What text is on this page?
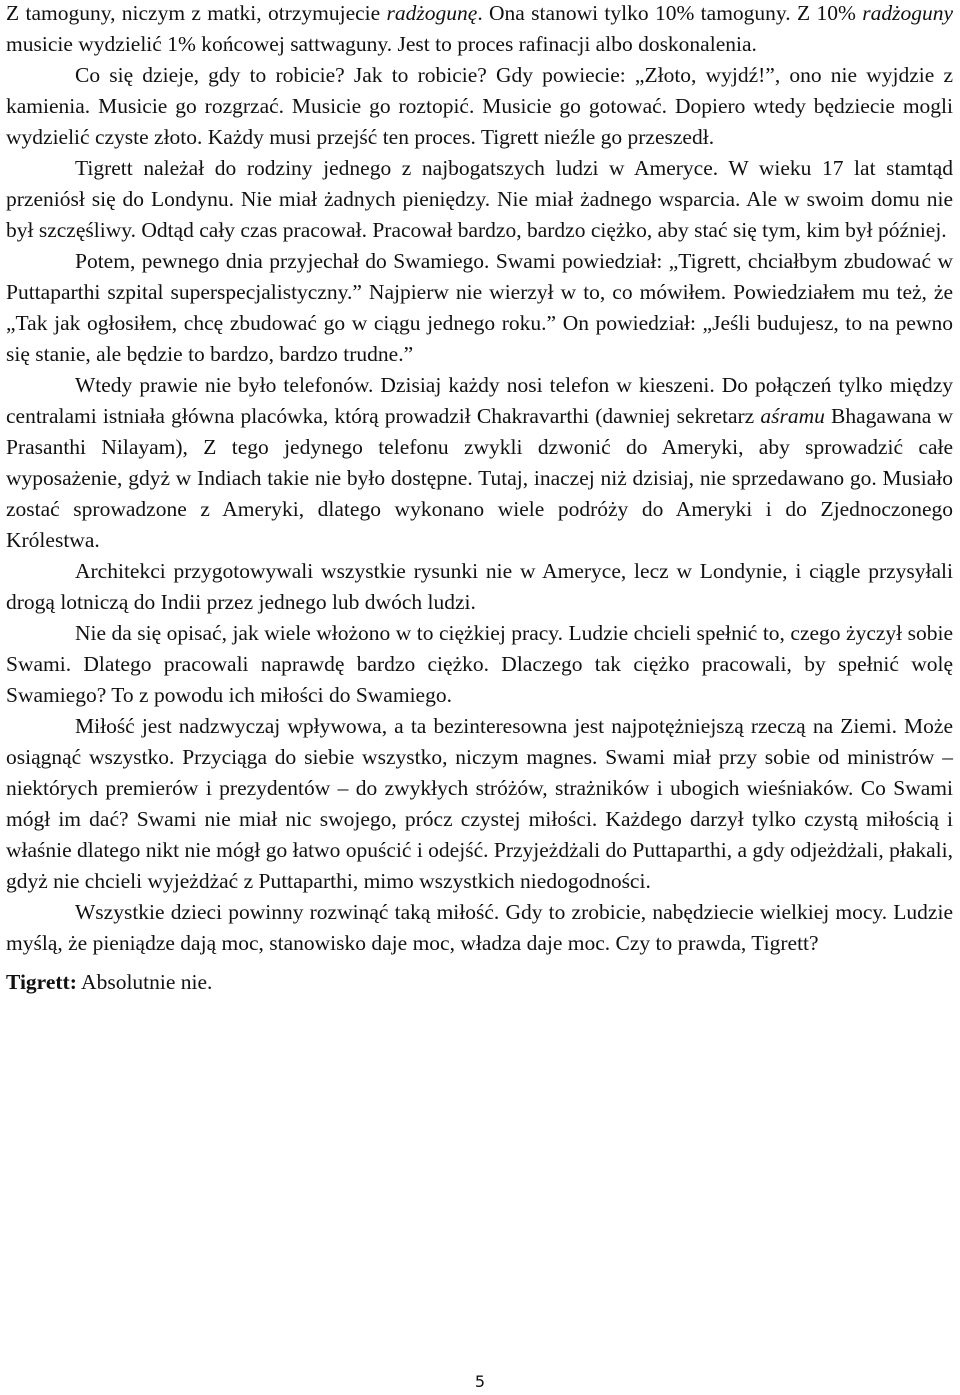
Z tamoguny, niczym z matki, otrzymujecie radżogunę. Ona stanowi tylko 10% tamoguny. Z 10% radżoguny musicie wydzielić 1% końcowej sattwaguny. Jest to proces rafinacji albo doskonalenia.

Co się dzieje, gdy to robicie? Jak to robicie? Gdy powiecie: „Złoto, wyjdź!”, ono nie wyjdzie z kamienia. Musicie go rozgrzać. Musicie go roztopić. Musicie go gotować. Dopiero wtedy będziecie mogli wydzielić czyste złoto. Każdy musi przejść ten proces. Tigrett nieźle go przeszedł.

Tigrett należał do rodziny jednego z najbogatszych ludzi w Ameryce. W wieku 17 lat stamtąd przeniósł się do Londynu. Nie miał żadnych pieniędzy. Nie miał żadnego wsparcia. Ale w swoim domu nie był szczęśliwy. Odtąd cały czas pracował. Pracował bardzo, bardzo ciężko, aby stać się tym, kim był później.

Potem, pewnego dnia przyjechał do Swamiego. Swami powiedział: „Tigrett, chciałbym zbudować w Puttaparthi szpital superspecjalistyczny.” Najpierw nie wierzył w to, co mówiłem. Powiedziałem mu też, że „Tak jak ogłosiłem, chcę zbudować go w ciągu jednego roku.” On powiedział: „Jeśli budujesz, to na pewno się stanie, ale będzie to bardzo, bardzo trudne.”

Wtedy prawie nie było telefonów. Dzisiaj każdy nosi telefon w kieszeni. Do połączeń tylko między centralami istniała główna placówka, którą prowadził Chakravarthi (dawniej sekretarz aśramu Bhagawana w Prasanthi Nilayam), Z tego jedynego telefonu zwykli dzwonić do Ameryki, aby sprowadzić całe wyposażenie, gdyż w Indiach takie nie było dostępne. Tutaj, inaczej niż dzisiaj, nie sprzedawano go. Musiało zostać sprowadzone z Ameryki, dlatego wykonano wiele podróży do Ameryki i do Zjednoczonego Królestwa.

Architekci przygotowywali wszystkie rysunki nie w Ameryce, lecz w Londynie, i ciągle przysyłali drogą lotniczą do Indii przez jednego lub dwóch ludzi.

Nie da się opisać, jak wiele włożono w to ciężkiej pracy. Ludzie chcieli spełnić to, czego życzył sobie Swami. Dlatego pracowali naprawdę bardzo ciężko. Dlaczego tak ciężko pracowali, by spełnić wolę Swamiego? To z powodu ich miłości do Swamiego.

Miłość jest nadzwyczaj wpływowa, a ta bezinteresowna jest najpotężniejszą rzeczą na Ziemi. Może osiągnąć wszystko. Przyciąga do siebie wszystko, niczym magnes. Swami miał przy sobie od ministrów – niektórych premierów i prezydentów – do zwykłych stróżów, strażników i ubogich wieśniaków. Co Swami mógł im dać? Swami nie miał nic swojego, prócz czystej miłości. Każdego darzył tylko czystą miłością i właśnie dlatego nikt nie mógł go łatwo opuścić i odejść. Przyjeżdżali do Puttaparthi, a gdy odjeżdżali, płakali, gdyż nie chcieli wyjeżdżać z Puttaparthi, mimo wszystkich niedogodności.

Wszystkie dzieci powinny rozwinąć taką miłość. Gdy to zrobicie, nabędziecie wielkiej mocy. Ludzie myślą, że pieniądze dają moc, stanowisko daje moc, władza daje moc. Czy to prawda, Tigrett?

Tigrett: Absolutnie nie.

5
